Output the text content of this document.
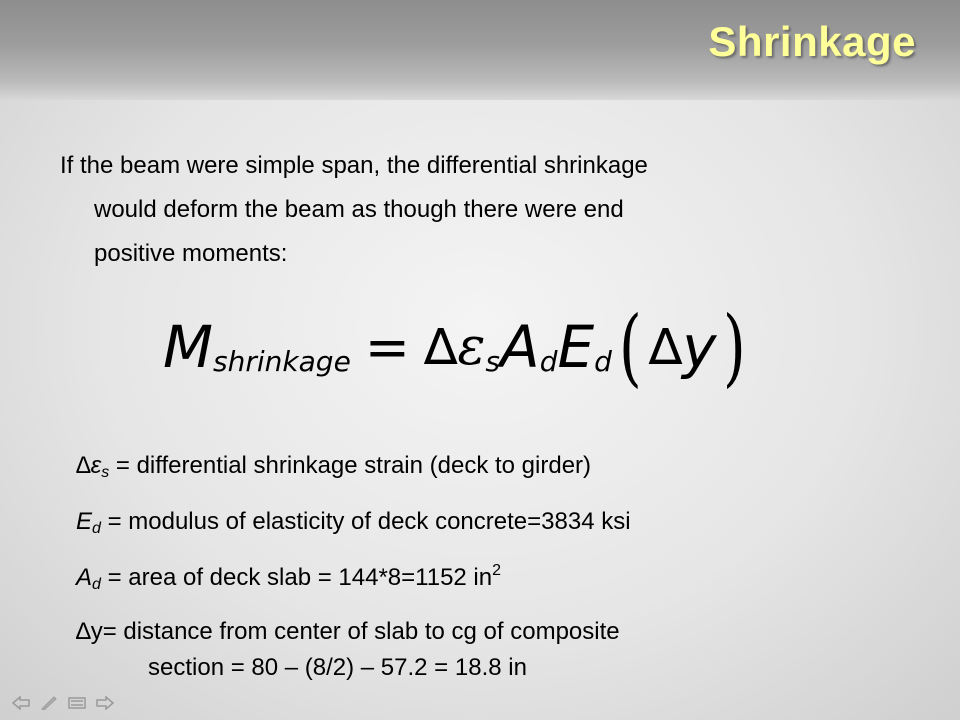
Shrinkage
If the beam were simple span, the differential shrinkage
would deform the beam as though there were end
positive moments:
M shrinkage = ∆ ε s A d E d ( ∆ y )
∆εs = differential shrinkage strain (deck to girder)
Ed = modulus of elasticity of deck concrete=3834 ksi
Ad = area of deck slab = 144*8=1152 $in^2$
∆y= distance from center of slab to cg of composite
section = 80 – (8/2) – 57.2 = 18.8 in
